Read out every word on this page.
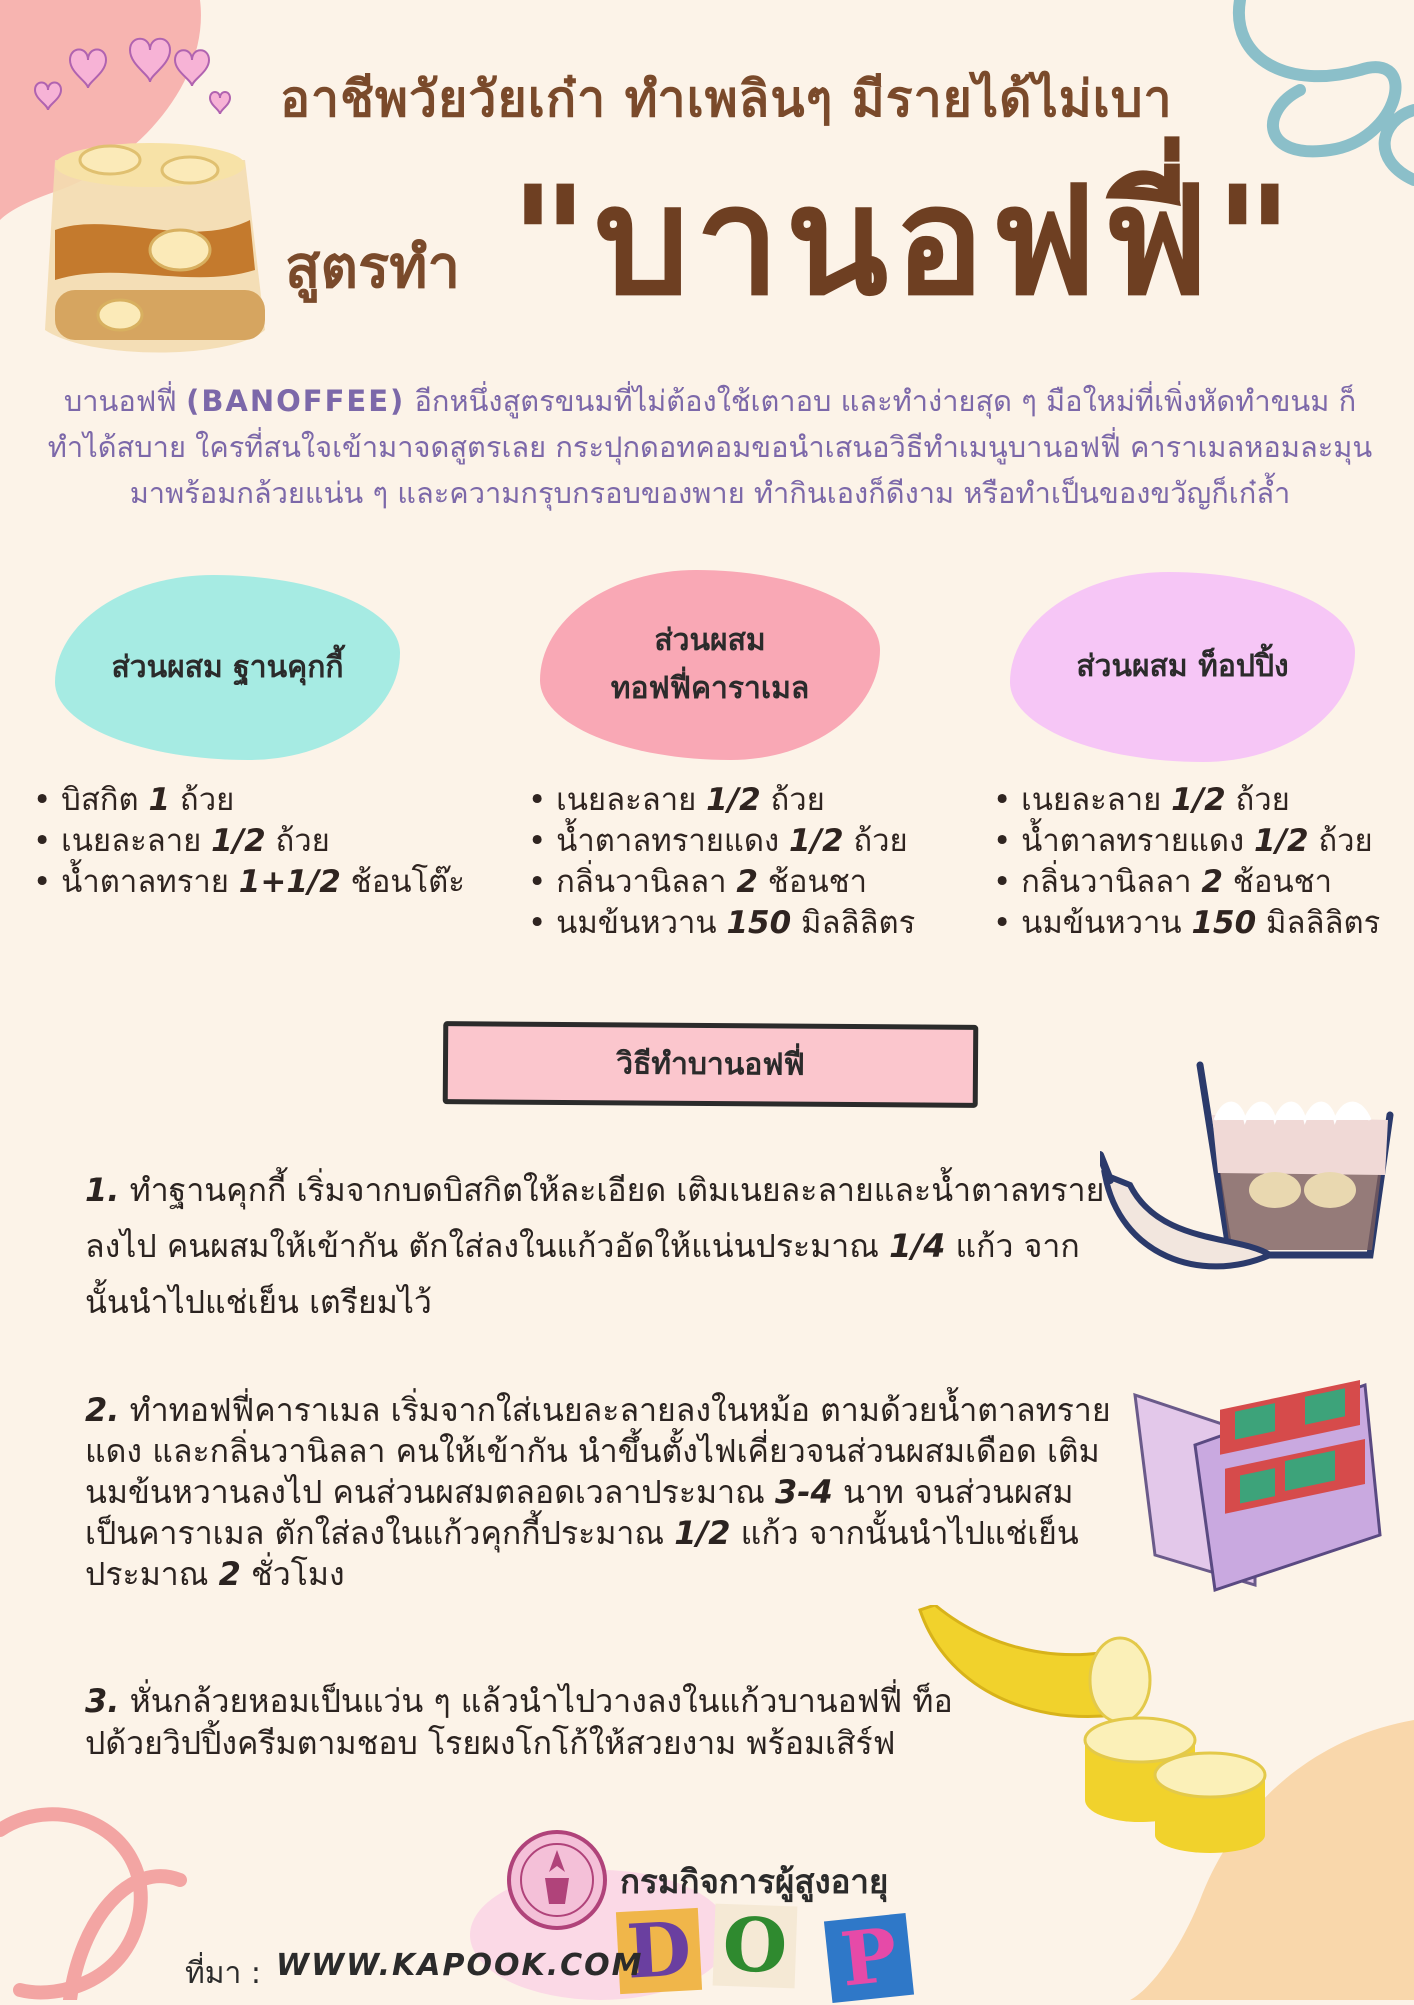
อาชีพวัยวัยเก๋า ทำเพลินๆ มีรายได้ไม่เบา
สูตรทำ "บานอฟฟี่"
บานอฟฟี่ (BANOFFEE) อีกหนึ่งสูตรขนมที่ไม่ต้องใช้เตาอบ และทำง่ายสุด ๆ มือใหม่ที่เพิ่งหัดทำขนม ก็ทำได้สบาย ใครที่สนใจเข้ามาจดสูตรเลย กระปุกดอทคอมขอนำเสนอวิธีทำเมนูบานอฟฟี่ คาราเมลหอมละมุน มาพร้อมกล้วยแน่น ๆ และความกรุบกรอบของพาย ทำกินเองก็ดีงาม หรือทำเป็นของขวัญก็เก๋ล้ำ
ส่วนผสม ฐานคุกกี้
ส่วนผสม
ทอฟฟี่คาราเมล
ส่วนผสม ท็อปปิ้ง
• บิสกิต 1 ถ้วย
• เนยละลาย 1/2 ถ้วย
• น้ำตาลทราย 1+1/2 ช้อนโต๊ะ
• เนยละลาย 1/2 ถ้วย
• น้ำตาลทรายแดง 1/2 ถ้วย
• กลิ่นวานิลลา 2 ช้อนชา
• นมข้นหวาน 150 มิลลิลิตร
• เนยละลาย 1/2 ถ้วย
• น้ำตาลทรายแดง 1/2 ถ้วย
• กลิ่นวานิลลา 2 ช้อนชา
• นมข้นหวาน 150 มิลลิลิตร
วิธีทำบานอฟฟี่
1. ทำฐานคุกกี้ เริ่มจากบดบิสกิตให้ละเอียด เติมเนยละลายและน้ำตาลทรายลงไป คนผสมให้เข้ากัน ตักใส่ลงในแก้วอัดให้แน่นประมาณ 1/4 แก้ว จากนั้นนำไปแช่เย็น เตรียมไว้
2. ทำทอฟฟี่คาราเมล เริ่มจากใส่เนยละลายลงในหม้อ ตามด้วยน้ำตาลทรายแดง และกลิ่นวานิลลา คนให้เข้ากัน นำขึ้นตั้งไฟเคี่ยวจนส่วนผสมเดือด เติมนมข้นหวานลงไป คนส่วนผสมตลอดเวลาประมาณ 3-4 นาท จนส่วนผสมเป็นคาราเมล ตักใส่ลงในแก้วคุกกี้ประมาณ 1/2 แก้ว จากนั้นนำไปแช่เย็นประมาณ 2 ชั่วโมง
3. หั่นกล้วยหอมเป็นแว่น ๆ แล้วนำไปวางลงในแก้วบานอฟฟี่ ท็อปด้วยวิปปิ้งครีมตามชอบ โรยผงโกโก้ให้สวยงาม พร้อมเสิร์ฟ
กรมกิจการผู้สูงอายุ
D O P
ที่มา : WWW.KAPOOK.COM
